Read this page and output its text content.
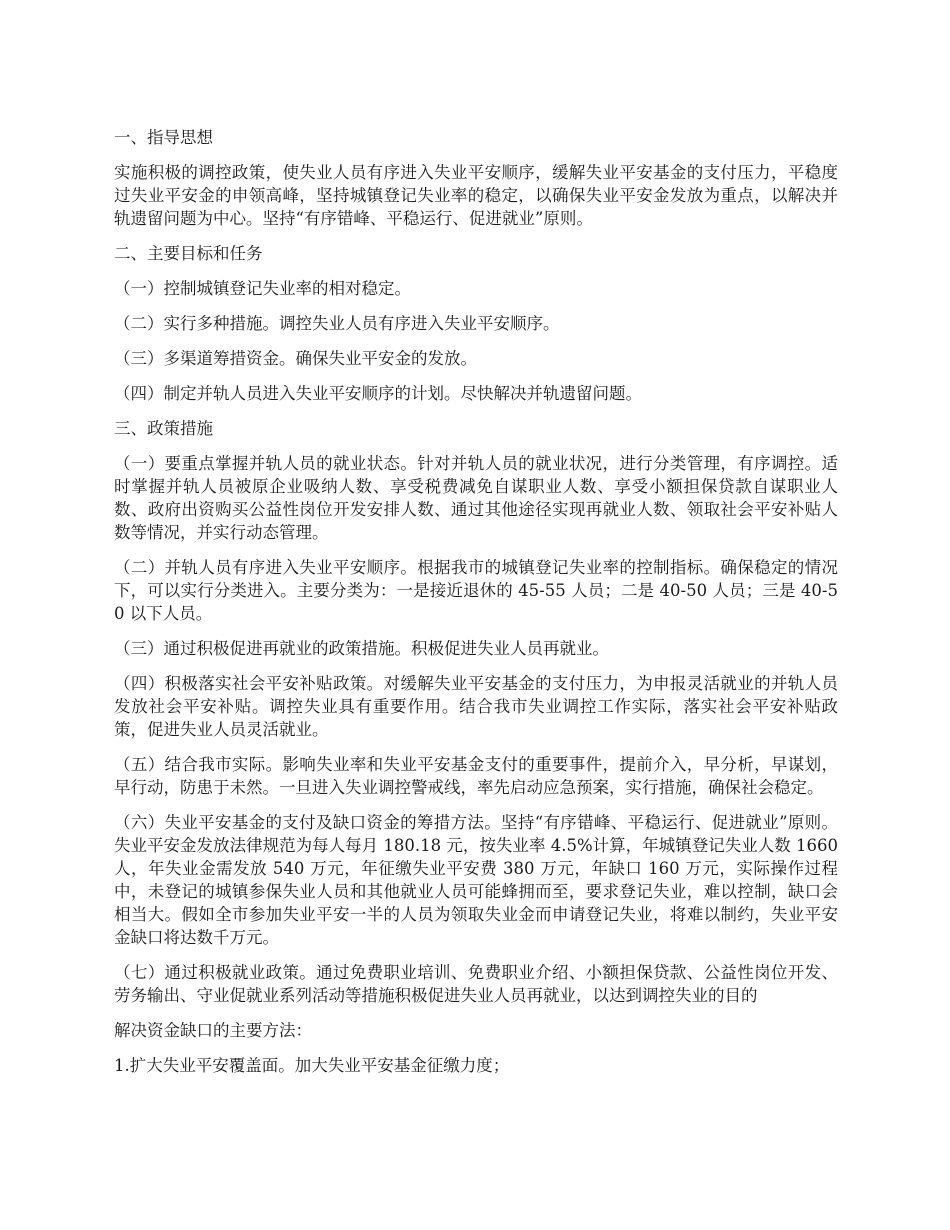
一、指导思想

实施积极的调控政策，使失业人员有序进入失业平安顺序，缓解失业平安基金的支付压力，平稳度过失业平安金的申领高峰，坚持城镇登记失业率的稳定，以确保失业平安金发放为重点，以解决并轨遗留问题为中心。坚持“有序错峰、平稳运行、促进就业”原则。

二、主要目标和任务

（一）控制城镇登记失业率的相对稳定。

（二）实行多种措施。调控失业人员有序进入失业平安顺序。

（三）多渠道筹措资金。确保失业平安金的发放。

（四）制定并轨人员进入失业平安顺序的计划。尽快解决并轨遗留问题。

三、政策措施

（一）要重点掌握并轨人员的就业状态。针对并轨人员的就业状况，进行分类管理，有序调控。适时掌握并轨人员被原企业吸纳人数、享受税费减免自谋职业人数、享受小额担保贷款自谋职业人数、政府出资购买公益性岗位开发安排人数、通过其他途径实现再就业人数、领取社会平安补贴人数等情况，并实行动态管理。

（二）并轨人员有序进入失业平安顺序。根据我市的城镇登记失业率的控制指标。确保稳定的情况下，可以实行分类进入。主要分类为：一是接近退休的 45-55 人员；二是 40-50 人员；三是 40-50 以下人员。

（三）通过积极促进再就业的政策措施。积极促进失业人员再就业。

（四）积极落实社会平安补贴政策。对缓解失业平安基金的支付压力，为申报灵活就业的并轨人员发放社会平安补贴。调控失业具有重要作用。结合我市失业调控工作实际，落实社会平安补贴政策，促进失业人员灵活就业。

（五）结合我市实际。影响失业率和失业平安基金支付的重要事件，提前介入，早分析，早谋划，早行动，防患于未然。一旦进入失业调控警戒线，率先启动应急预案，实行措施，确保社会稳定。

（六）失业平安基金的支付及缺口资金的筹措方法。坚持“有序错峰、平稳运行、促进就业”原则。失业平安金发放法律规范为每人每月 180.18 元，按失业率 4.5%计算，年城镇登记失业人数 1660 人，年失业金需发放 540 万元，年征缴失业平安费 380 万元，年缺口 160 万元，实际操作过程中，未登记的城镇参保失业人员和其他就业人员可能蜂拥而至，要求登记失业，难以控制，缺口会相当大。假如全市参加失业平安一半的人员为领取失业金而申请登记失业，将难以制约，失业平安金缺口将达数千万元。

（七）通过积极就业政策。通过免费职业培训、免费职业介绍、小额担保贷款、公益性岗位开发、劳务输出、守业促就业系列活动等措施积极促进失业人员再就业，以达到调控失业的目的

解决资金缺口的主要方法：

1.扩大失业平安覆盖面。加大失业平安基金征缴力度；
